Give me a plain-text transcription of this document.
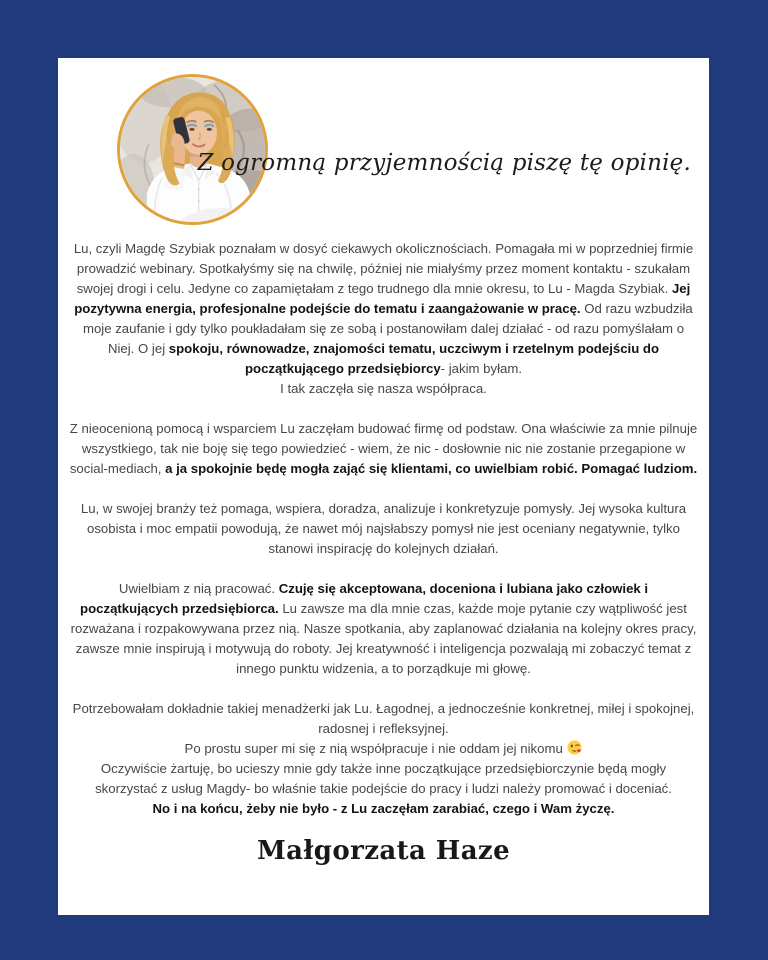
Z ogromną przyjemnością piszę tę opinię.

Lu, czyli Magdę Szybiak poznałam w dosyć ciekawych okolicznościach. Pomagała mi w poprzedniej firmie prowadzić webinary. Spotkałyśmy się na chwilę, później nie miałyśmy przez moment kontaktu - szukałam swojej drogi i celu. Jedyne co zapamiętałam z tego trudnego dla mnie okresu, to Lu - Magda Szybiak. Jej pozytywna energia, profesjonalne podejście do tematu i zaangażowanie w pracę. Od razu wzbudziła moje zaufanie i gdy tylko poukładałam się ze sobą i postanowiłam dalej działać - od razu pomyślałam o Niej. O jej spokoju, równowadze, znajomości tematu, uczciwym i rzetelnym podejściu do początkującego przedsiębiorcy- jakim byłam.
I tak zaczęła się nasza współpraca.

Z nieocenioną pomocą i wsparciem Lu zaczęłam budować firmę od podstaw. Ona właściwie za mnie pilnuje wszystkiego, tak nie boję się tego powiedzieć - wiem, że nic - dosłownie nic nie zostanie przegapione w social-mediach, a ja spokojnie będę mogła zająć się klientami, co uwielbiam robić. Pomagać ludziom.

Lu, w swojej branży też pomaga, wspiera, doradza, analizuje i konkretyzuje pomysły. Jej wysoka kultura osobista i moc empatii powodują, że nawet mój najsłabszy pomysł nie jest oceniany negatywnie, tylko stanowi inspirację do kolejnych działań.

Uwielbiam z nią pracować. Czuję się akceptowana, doceniona i lubiana jako człowiek i początkujących przedsiębiorca. Lu zawsze ma dla mnie czas, każde moje pytanie czy wątpliwość jest rozważana i rozpakowywana przez nią. Nasze spotkania, aby zaplanować działania na kolejny okres pracy, zawsze mnie inspirują i motywują do roboty. Jej kreatywność i inteligencja pozwalają mi zobaczyć temat z innego punktu widzenia, a to porządkuje mi głowę.

Potrzebowałam dokładnie takiej menadżerki jak Lu. Łagodnej, a jednocześnie konkretnej, miłej i spokojnej, radosnej i refleksyjnej.
Po prostu super mi się z nią współpracuje i nie oddam jej nikomu

Oczywiście żartuję, bo ucieszy mnie gdy także inne początkujące przedsiębiorczynie będą mogły skorzystać z usług Magdy- bo właśnie takie podejście do pracy i ludzi należy promować i doceniać.
No i na końcu, żeby nie było - z Lu zaczęłam zarabiać, czego i Wam życzę.

Małgorzata Haze
